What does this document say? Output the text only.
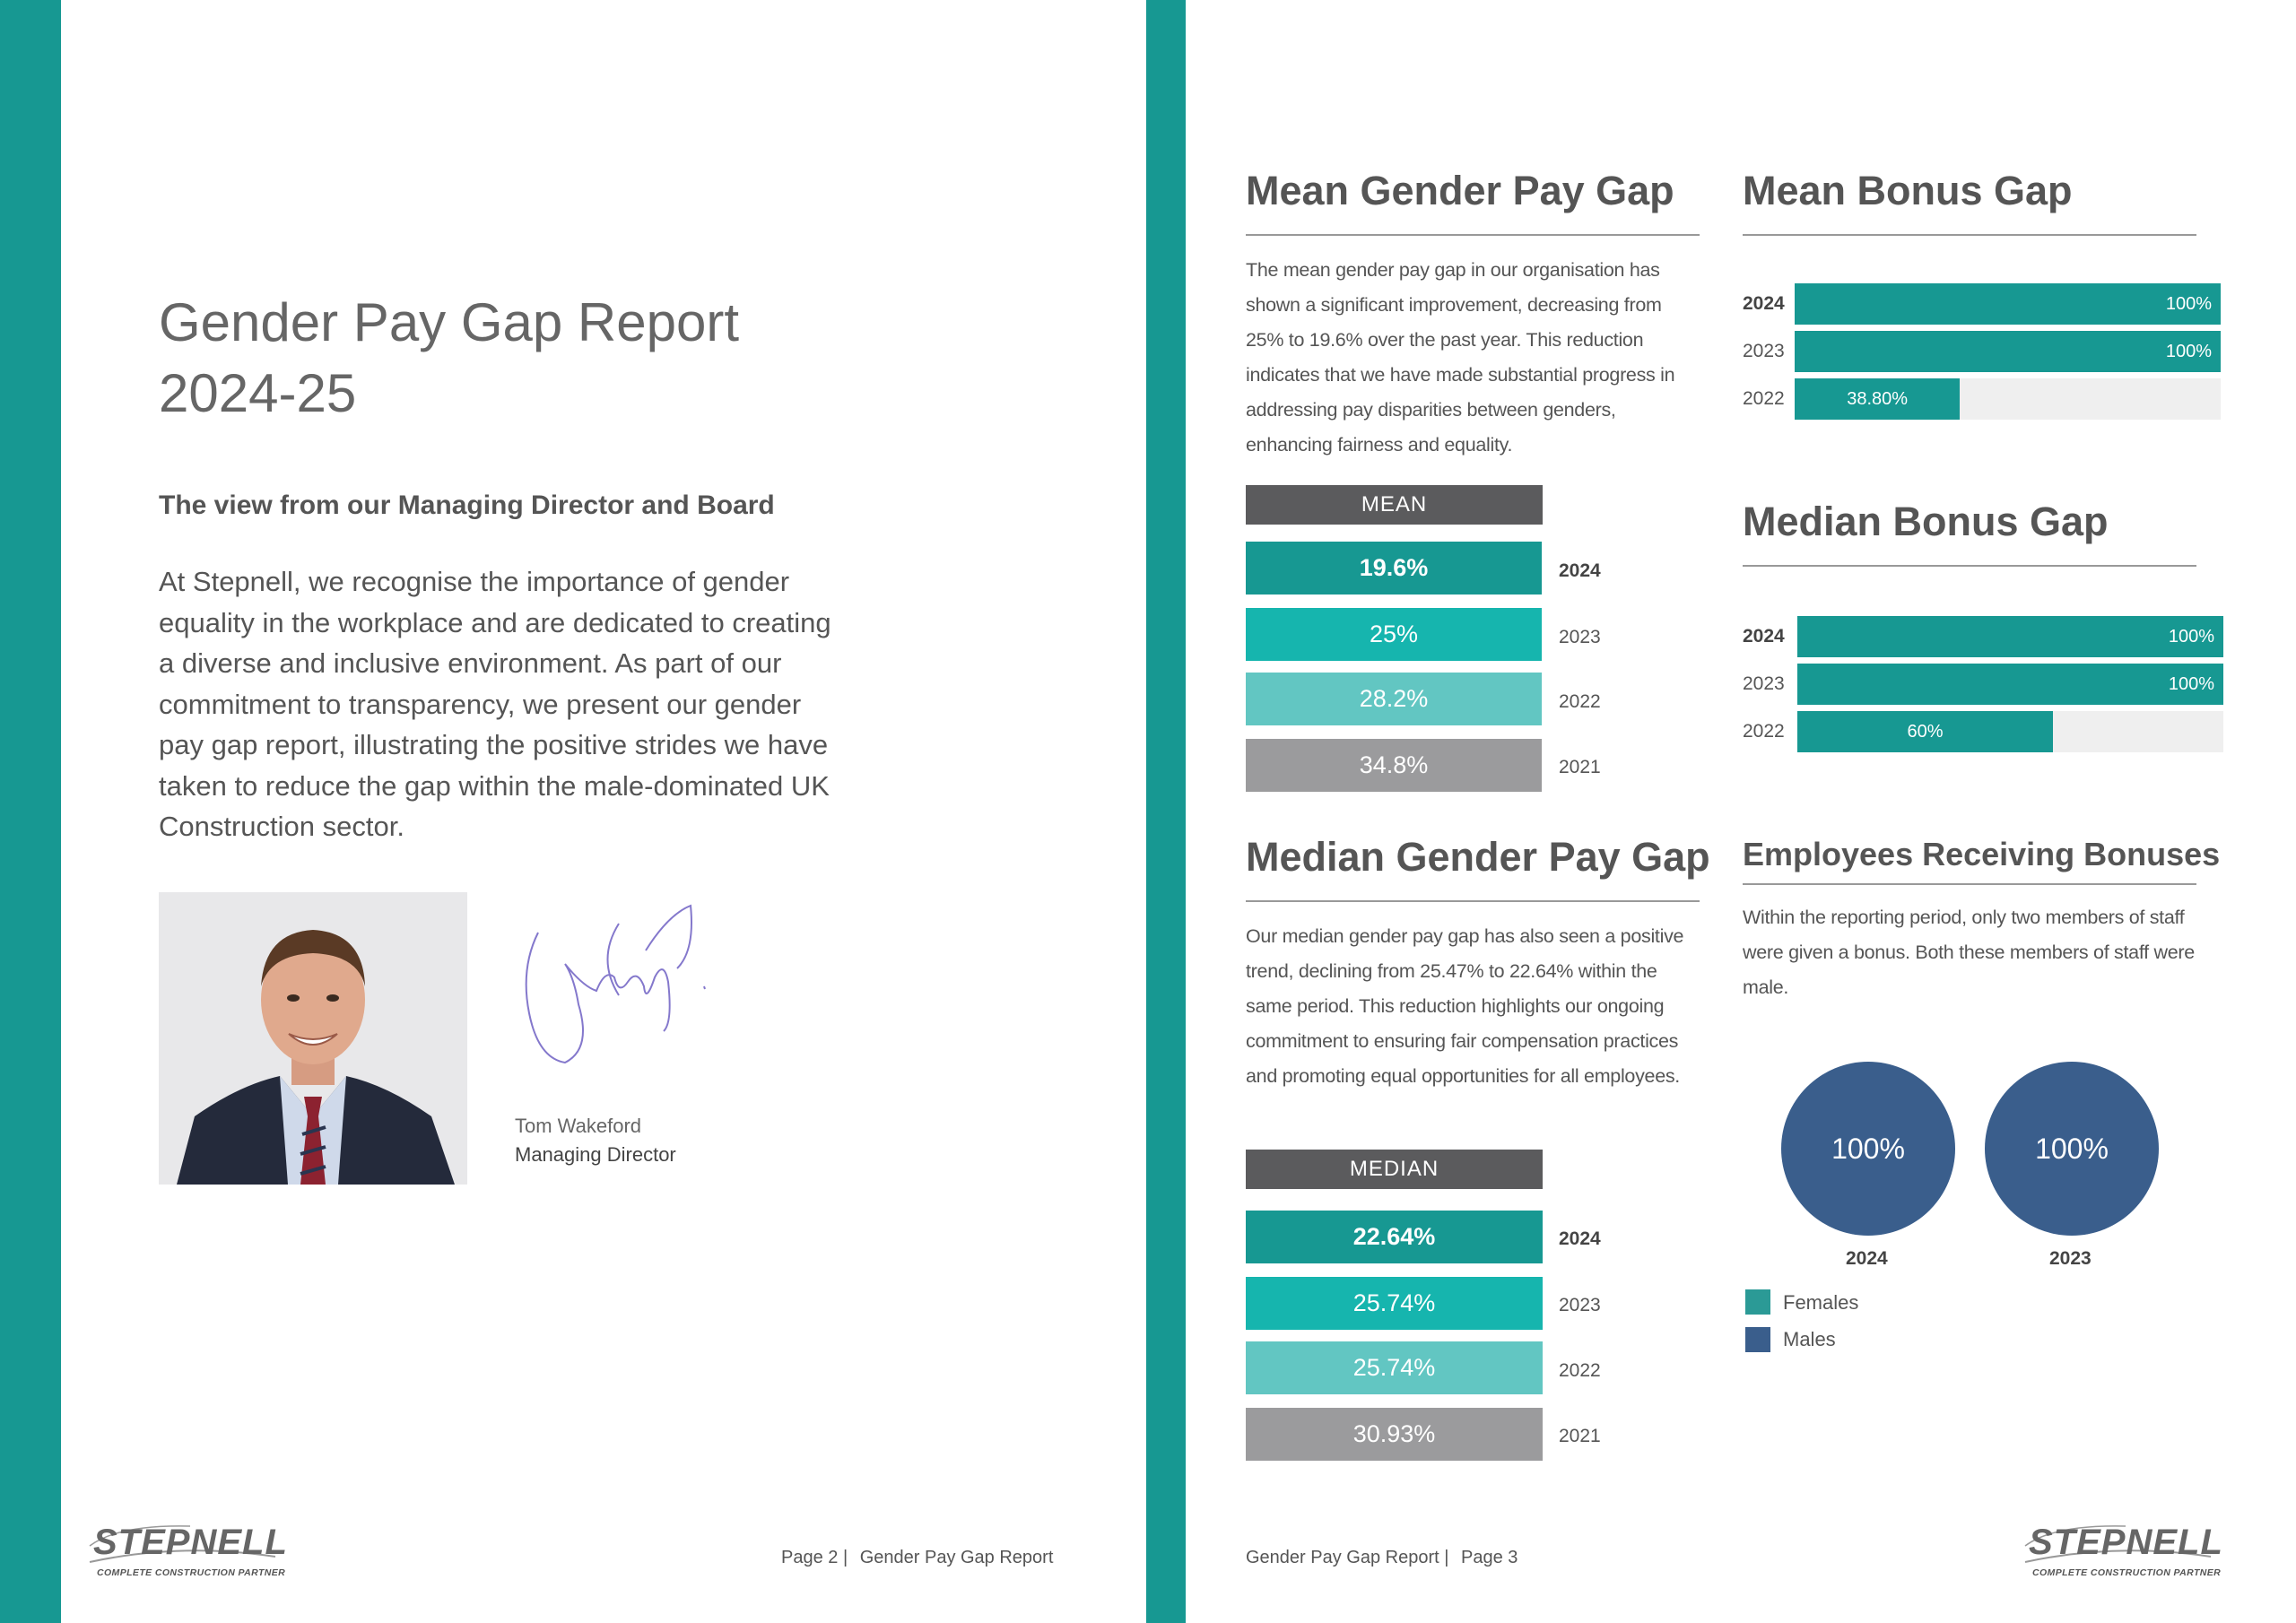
Gender Pay Gap Report
2024-25
The view from our Managing Director and Board

At Stepnell, we recognise the importance of gender equality in the workplace and are dedicated to creating a diverse and inclusive environment. As part of our commitment to transparency, we present our gender pay gap report, illustrating the positive strides we have taken to reduce the gap within the male-dominated UK Construction sector.

Tom Wakeford
Managing Director
STEPNELL
COMPLETE CONSTRUCTION PARTNER
Page 2 | Gender Pay Gap Report
Mean Gender Pay Gap

The mean gender pay gap in our organisation has shown a significant improvement, decreasing from 25% to 19.6% over the past year. This reduction indicates that we have made substantial progress in addressing pay disparities between genders, enhancing fairness and equality.

MEAN
19.6%	2024
25%	2023
28.2%	2022
34.8%	2021
Median Gender Pay Gap

Our median gender pay gap has also seen a positive trend, declining from 25.47% to 22.64% within the same period. This reduction highlights our ongoing commitment to ensuring fair compensation practices and promoting equal opportunities for all employees.

MEDIAN
22.64%	2024
25.74%	2023
25.74%	2022
30.93%	2021
Mean Bonus Gap
2024	100%
2023	100%
2022	38.80%
Median Bonus Gap
2024	100%
2023	100%
2022	60%
Employees Receiving Bonuses

Within the reporting period, only two members of staff were given a bonus. Both these members of staff were male.

100%
2024
100%
2023
Females
Males
Gender Pay Gap Report | Page 3	STEPNELL
COMPLETE CONSTRUCTION PARTNER
